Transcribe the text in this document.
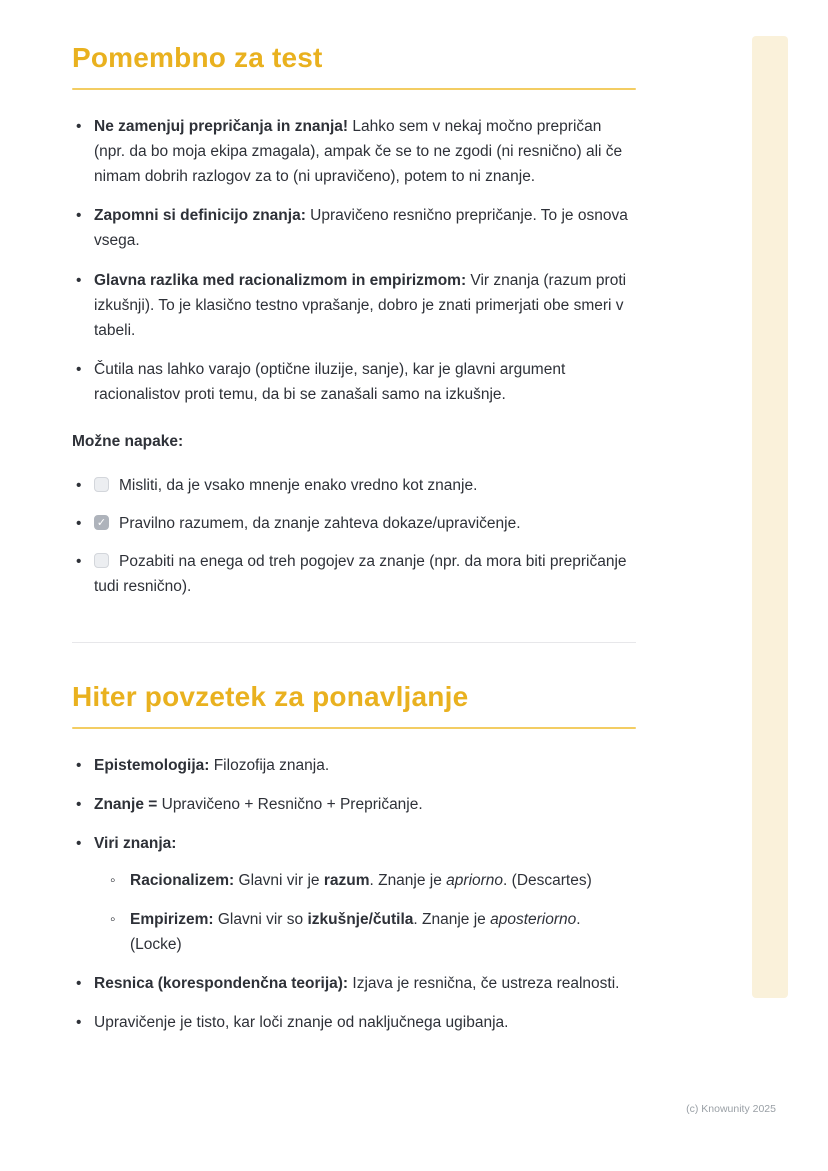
Pomembno za test
• Ne zamenjuj prepričanja in znanja! Lahko sem v nekaj močno prepričan (npr. da bo moja ekipa zmagala), ampak če se to ne zgodi (ni resnično) ali če nimam dobrih razlogov za to (ni upravičeno), potem to ni znanje.
• Zapomni si definicijo znanja: Upravičeno resnično prepričanje. To je osnova vsega.
• Glavna razlika med racionalizmom in empirizmom: Vir znanja (razum proti izkušnji). To je klasično testno vprašanje, dobro je znati primerjati obe smeri v tabeli.
• Čutila nas lahko varajo (optične iluzije, sanje), kar je glavni argument racionalistov proti temu, da bi se zanašali samo na izkušnje.

Možne napake:

• Misliti, da je vsako mnenje enako vredno kot znanje.
• ✓ Pravilno razumem, da znanje zahteva dokaze/upravičenje.
• Pozabiti na enega od treh pogojev za znanje (npr. da mora biti prepričanje tudi resnično).
Hiter povzetek za ponavljanje
• Epistemologija: Filozofija znanja.
• Znanje = Upravičeno + Resnično + Prepričanje.
• Viri znanja:
◦ Racionalizem: Glavni vir je razum. Znanje je apriorno. (Descartes)
◦ Empirizem: Glavni vir so izkušnje/čutila. Znanje je aposteriorno. (Locke)
• Resnica (korespondenčna teorija): Izjava je resnična, če ustreza realnosti.
• Upravičenje je tisto, kar loči znanje od naključnega ugibanja.
(c) Knowunity 2025
